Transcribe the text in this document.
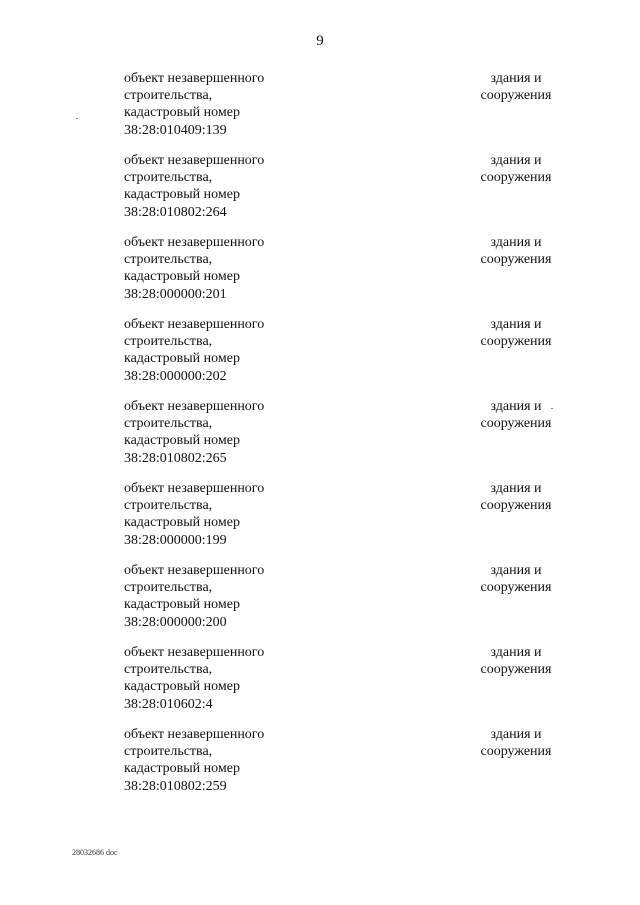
9
объект незавершенного
строительства,
кадастровый номер
38:28:010409:139
здания и
сооружения
объект незавершенного
строительства,
кадастровый номер
38:28:010802:264
здания и
сооружения
объект незавершенного
строительства,
кадастровый номер
38:28:000000:201
здания и
сооружения
объект незавершенного
строительства,
кадастровый номер
38:28:000000:202
здания и
сооружения
объект незавершенного
строительства,
кадастровый номер
38:28:010802:265
здания и
сооружения
объект незавершенного
строительства,
кадастровый номер
38:28:000000:199
здания и
сооружения
объект незавершенного
строительства,
кадастровый номер
38:28:000000:200
здания и
сооружения
объект незавершенного
строительства,
кадастровый номер
38:28:010602:4
здания и
сооружения
объект незавершенного
строительства,
кадастровый номер
38:28:010802:259
здания и
сооружения
28032686 doc
